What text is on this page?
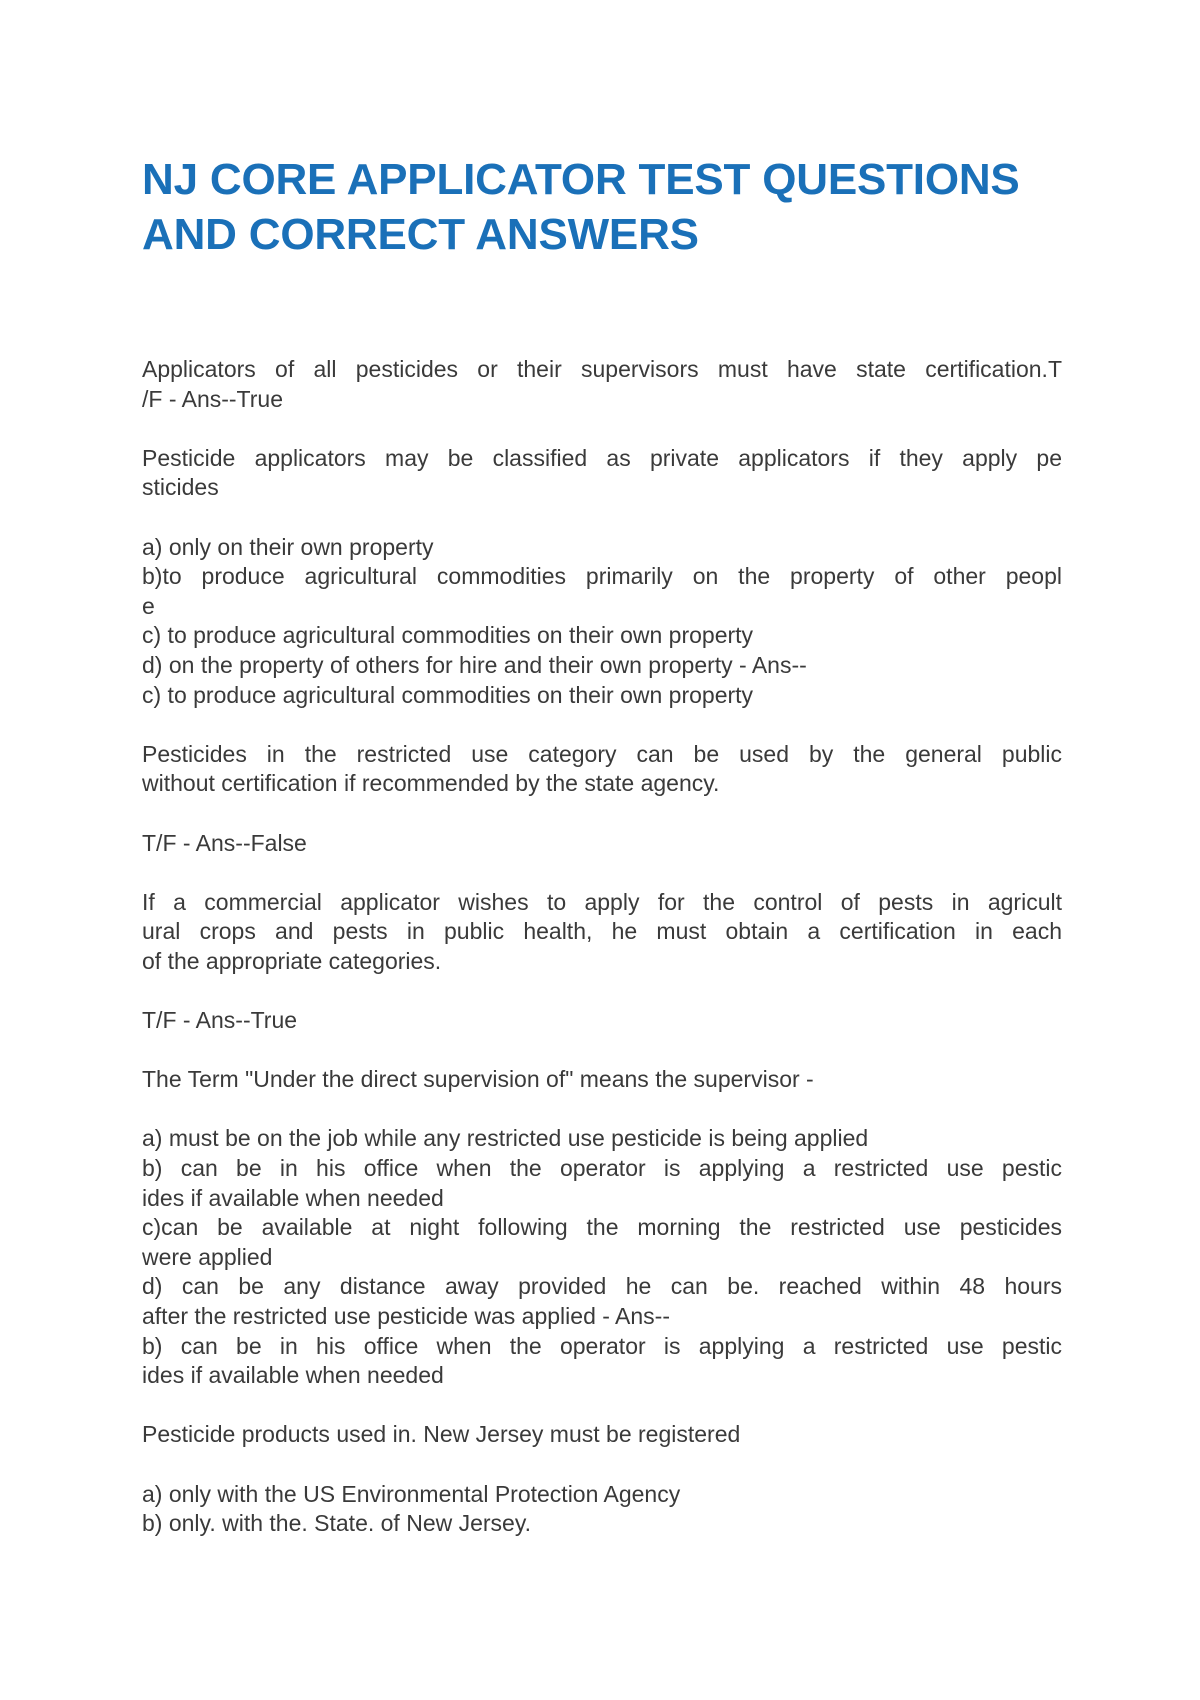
NJ CORE APPLICATOR TEST QUESTIONS
AND CORRECT ANSWERS
Applicators of all pesticides or their supervisors must have state certification.T
/F - Ans--True
Pesticide applicators may be classified as private applicators if they apply pe
sticides
a) only on their own property
b)to produce agricultural commodities primarily on the property of other peopl
e
c) to produce agricultural commodities on their own property
d) on the property of others for hire and their own property - Ans--
c) to produce agricultural commodities on their own property
Pesticides in the restricted use category can be used by the general public
without certification if recommended by the state agency.
T/F - Ans--False
If a commercial applicator wishes to apply for the control of pests in agricult
ural crops and pests in public health, he must obtain a certification in each
of the appropriate categories.
T/F - Ans--True
The Term "Under the direct supervision of" means the supervisor -
a) must be on the job while any restricted use pesticide is being applied
b) can be in his office when the operator is applying a restricted use pestic
ides if available when needed
c)can be available at night following the morning the restricted use pesticides
were applied
d) can be any distance away provided he can be. reached within 48 hours
after the restricted use pesticide was applied - Ans--
b) can be in his office when the operator is applying a restricted use pestic
ides if available when needed
Pesticide products used in. New Jersey must be registered
a) only with the US Environmental Protection Agency
b) only. with the. State. of New Jersey.
